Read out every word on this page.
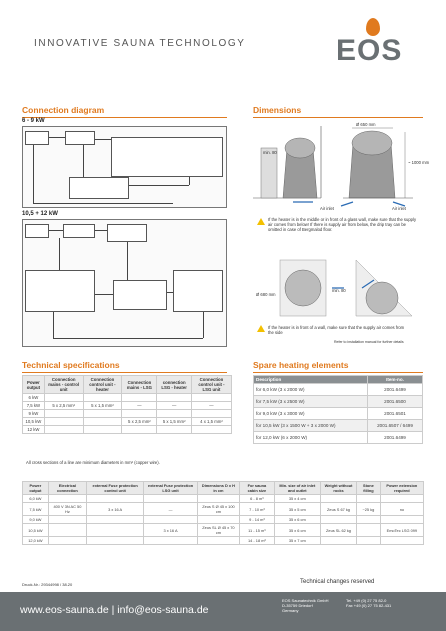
INNOVATIVE SAUNA TECHNOLOGY	EOS
Connection diagram
6 - 9 kW
10,5 + 12 kW
Dimensions
Ø 650 mm
~ 1000 mm
min. 80
Air inlet	Air inlet
If the heater is in the middle or in front of a glass wall, make sure that the supply air comes from below! If there is supply air from below, the drip tray can be omitted in case of Bergmalod floor.
Ø 680 mm
min. 80
If the heater is in front of a wall, make sure that the supply air comes from the side
Refer to installation manual for further details
Technical specifications
Power output	Connection mains - control unit	Connection control unit - heater	Connection mains - LSG	connection LSG - heater	Connection control unit - LSG unit
6 kW					
7,5 kW	5 x 2,5 mm²	5 x 1,5 mm²	—	—	—
9 kW					
10,5 kW			5 x 2,5 mm²	5 x 1,5 mm²	4 x 1,5 mm²
12 kW					
All cross sections of a line are minimum diameters in mm² (copper wire).
Spare heating elements
Description	Item-no.
for 6,0 kW (3 x 2000 W)	2001.6499
for 7,5 kW (3 x 2500 W)	2001.6500
for 9,0 kW (3 x 3000 W)	2001.6501
for 10,5 kW (3 x 1500 W + 3 x 2000 W)	2001.6507 / 6499
for 12,0 kW (6 x 2000 W)	2001.6499
Power output	Electrical connection	external Fuse protection control unit	external Fuse protection LSG unit	Dimensions D x H in cm	For sauna cabin size	Min. size of air inlet and outlet	Weight without rocks	Stone filling	Power extension required
6,0 kW					6 - 8 m³	35 x 4 cm			
7,5 kW	400 V 3N AC 50 Hz	3 x 16 A	—	Zeus S Ø 45 x 100 cm	7 - 10 m³	35 x 5 cm	Zeus S 67 kg	~25 kg	no
9,0 kW					9 - 14 m³	35 x 6 cm			
10,5 kW			3 x 16 A	Zeus SL Ø 45 x 70 cm	11 - 15 m³	35 x 6 cm	Zeus SL 62 kg		EmoTec LSG 099
12,0 kW					14 - 18 m³	35 x 7 cm			
Druck-Nr.: 29344998 / 38.20	Technical changes reserved
www.eos-sauna.de | info@eos-sauna.de
EOS Saunatechnik GmbH
D-35759 Driedorf
Germany
Tel. +49 (0) 27 75 82-0
Fax +49 (0) 27 75 82-431
